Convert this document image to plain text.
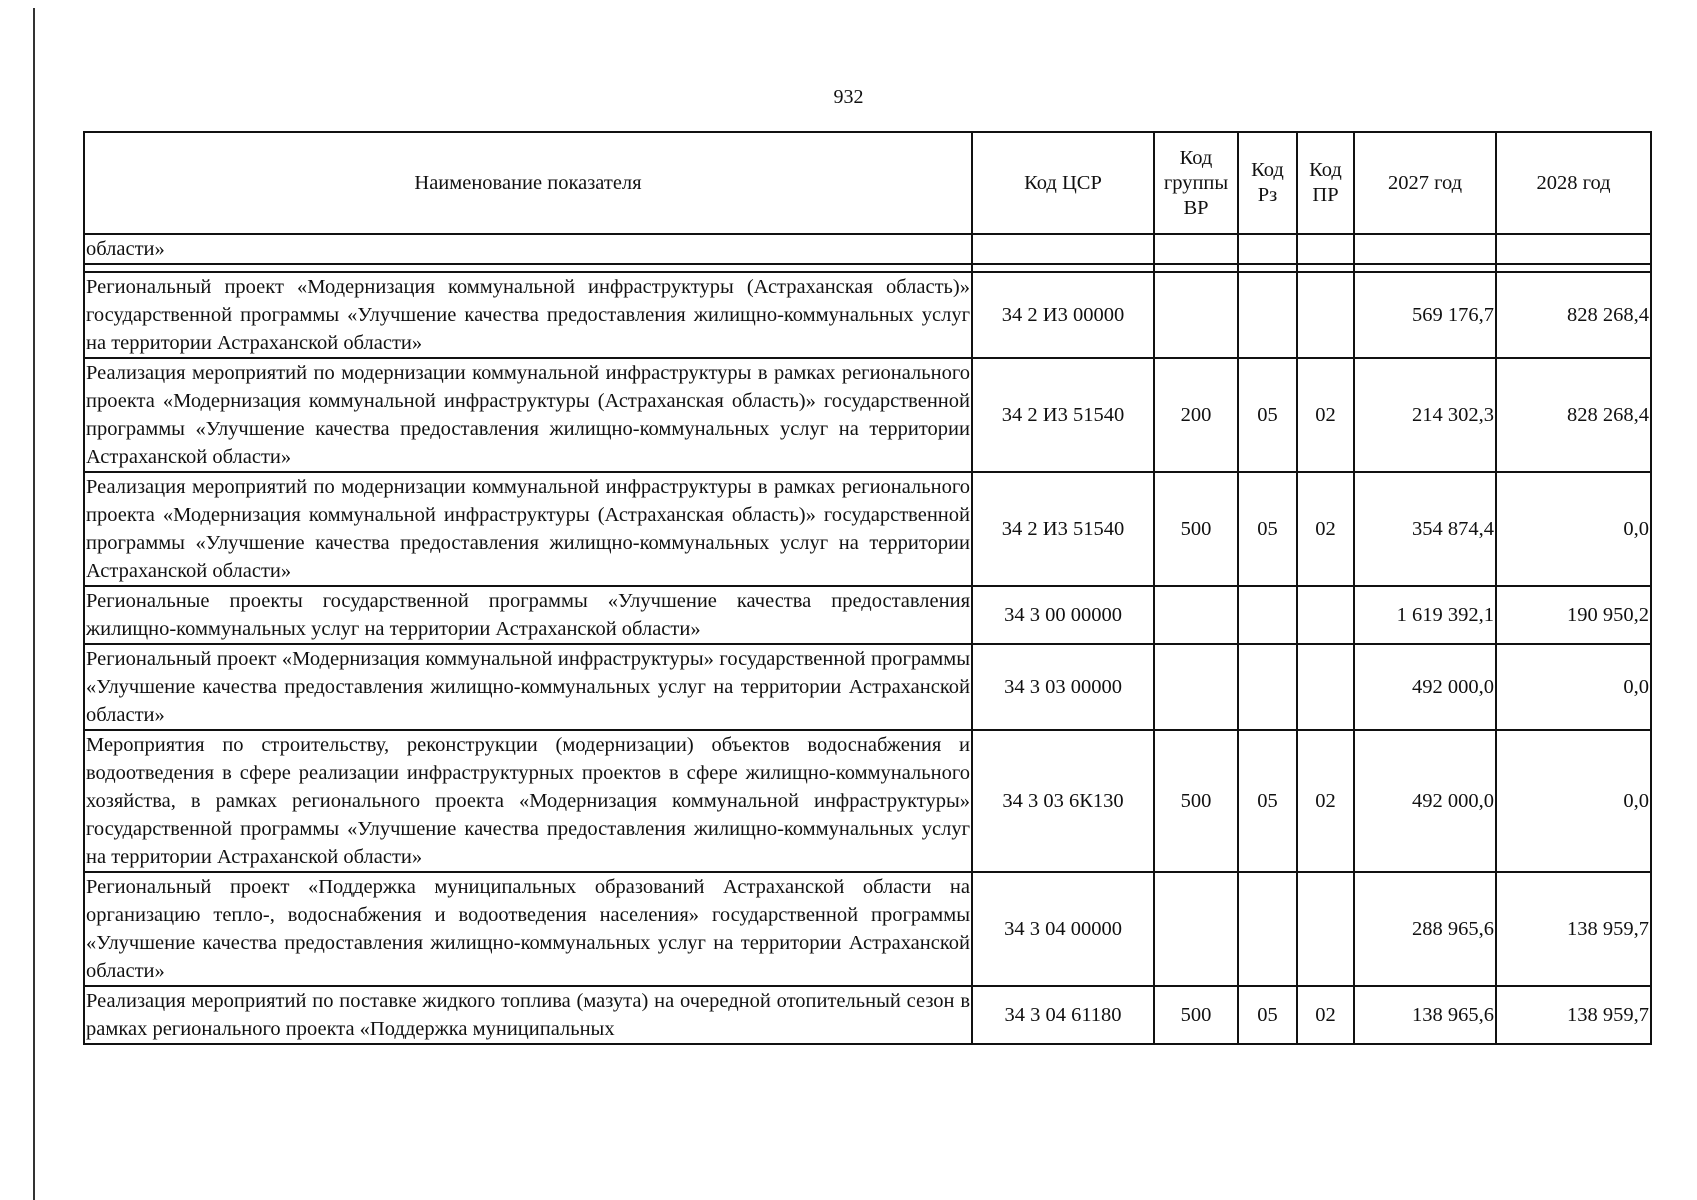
932
Наименование показателя	Код ЦСР	Код группы ВР	Код Рз	Код ПР	2027 год	2028 год
области»						

Региональный проект «Модернизация коммунальной инфраструктуры (Астраханская область)» государственной программы «Улучшение качества предоставления жилищно-коммунальных услуг на территории Астраханской области»	34 2 И3 00000				569 176,7	828 268,4
Реализация мероприятий по модернизации коммунальной инфраструктуры в рамках регионального проекта «Модернизация коммунальной инфраструктуры (Астраханская область)» государственной программы «Улучшение качества предоставления жилищно-коммунальных услуг на территории Астраханской области»	34 2 И3 51540	200	05	02	214 302,3	828 268,4
Реализация мероприятий по модернизации коммунальной инфраструктуры в рамках регионального проекта «Модернизация коммунальной инфраструктуры (Астраханская область)» государственной программы «Улучшение качества предоставления жилищно-коммунальных услуг на территории Астраханской области»	34 2 И3 51540	500	05	02	354 874,4	0,0
Региональные проекты государственной программы «Улучшение качества предоставления жилищно-коммунальных услуг на территории Астраханской области»	34 3 00 00000				1 619 392,1	190 950,2
Региональный проект «Модернизация коммунальной инфраструктуры» государственной программы «Улучшение качества предоставления жилищно-коммунальных услуг на территории Астраханской области»	34 3 03 00000				492 000,0	0,0
Мероприятия по строительству, реконструкции (модернизации) объектов водоснабжения и водоотведения в сфере реализации инфраструктурных проектов в сфере жилищно-коммунального хозяйства, в рамках регионального проекта «Модернизация коммунальной инфраструктуры» государственной программы «Улучшение качества предоставления жилищно-коммунальных услуг на территории Астраханской области»	34 3 03 6К130	500	05	02	492 000,0	0,0
Региональный проект «Поддержка муниципальных образований Астраханской области на организацию тепло-, водоснабжения и водоотведения населения» государственной программы «Улучшение качества предоставления жилищно-коммунальных услуг на территории Астраханской области»	34 3 04 00000				288 965,6	138 959,7
Реализация мероприятий по поставке жидкого топлива (мазута) на очередной отопительный сезон в рамках регионального проекта «Поддержка муниципальных	34 3 04 61180	500	05	02	138 965,6	138 959,7
